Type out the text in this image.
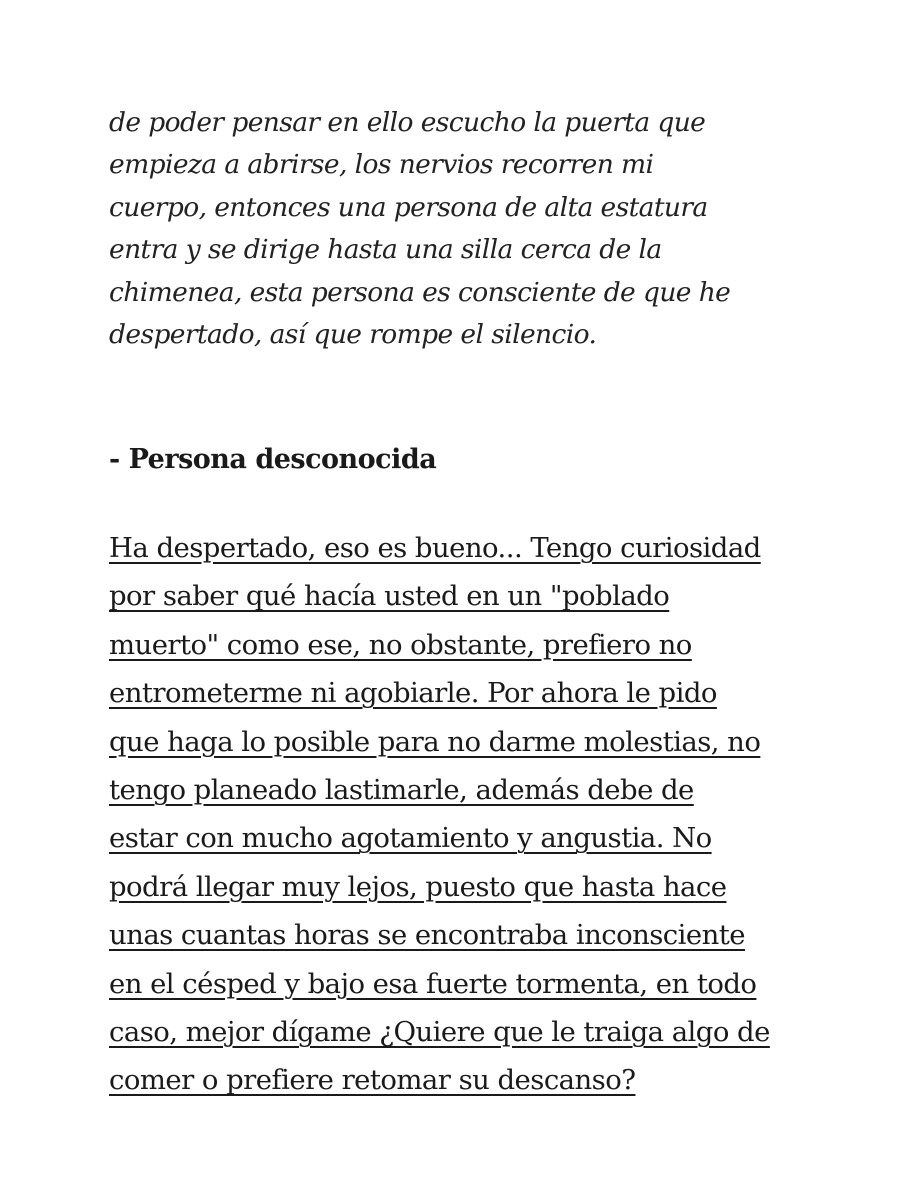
de poder pensar en ello escucho la puerta que
empieza a abrirse, los nervios recorren mi
cuerpo, entonces una persona de alta estatura
entra y se dirige hasta una silla cerca de la
chimenea, esta persona es consciente de que he
despertado, así que rompe el silencio.

- Persona desconocida

Ha despertado, eso es bueno... Tengo curiosidad
por saber qué hacía usted en un "poblado
muerto" como ese, no obstante, prefiero no
entrometerme ni agobiarle. Por ahora le pido
que haga lo posible para no darme molestias, no
tengo planeado lastimarle, además debe de
estar con mucho agotamiento y angustia. No
podrá llegar muy lejos, puesto que hasta hace
unas cuantas horas se encontraba inconsciente
en el césped y bajo esa fuerte tormenta, en todo
caso, mejor dígame ¿Quiere que le traiga algo de
comer o prefiere retomar su descanso?
